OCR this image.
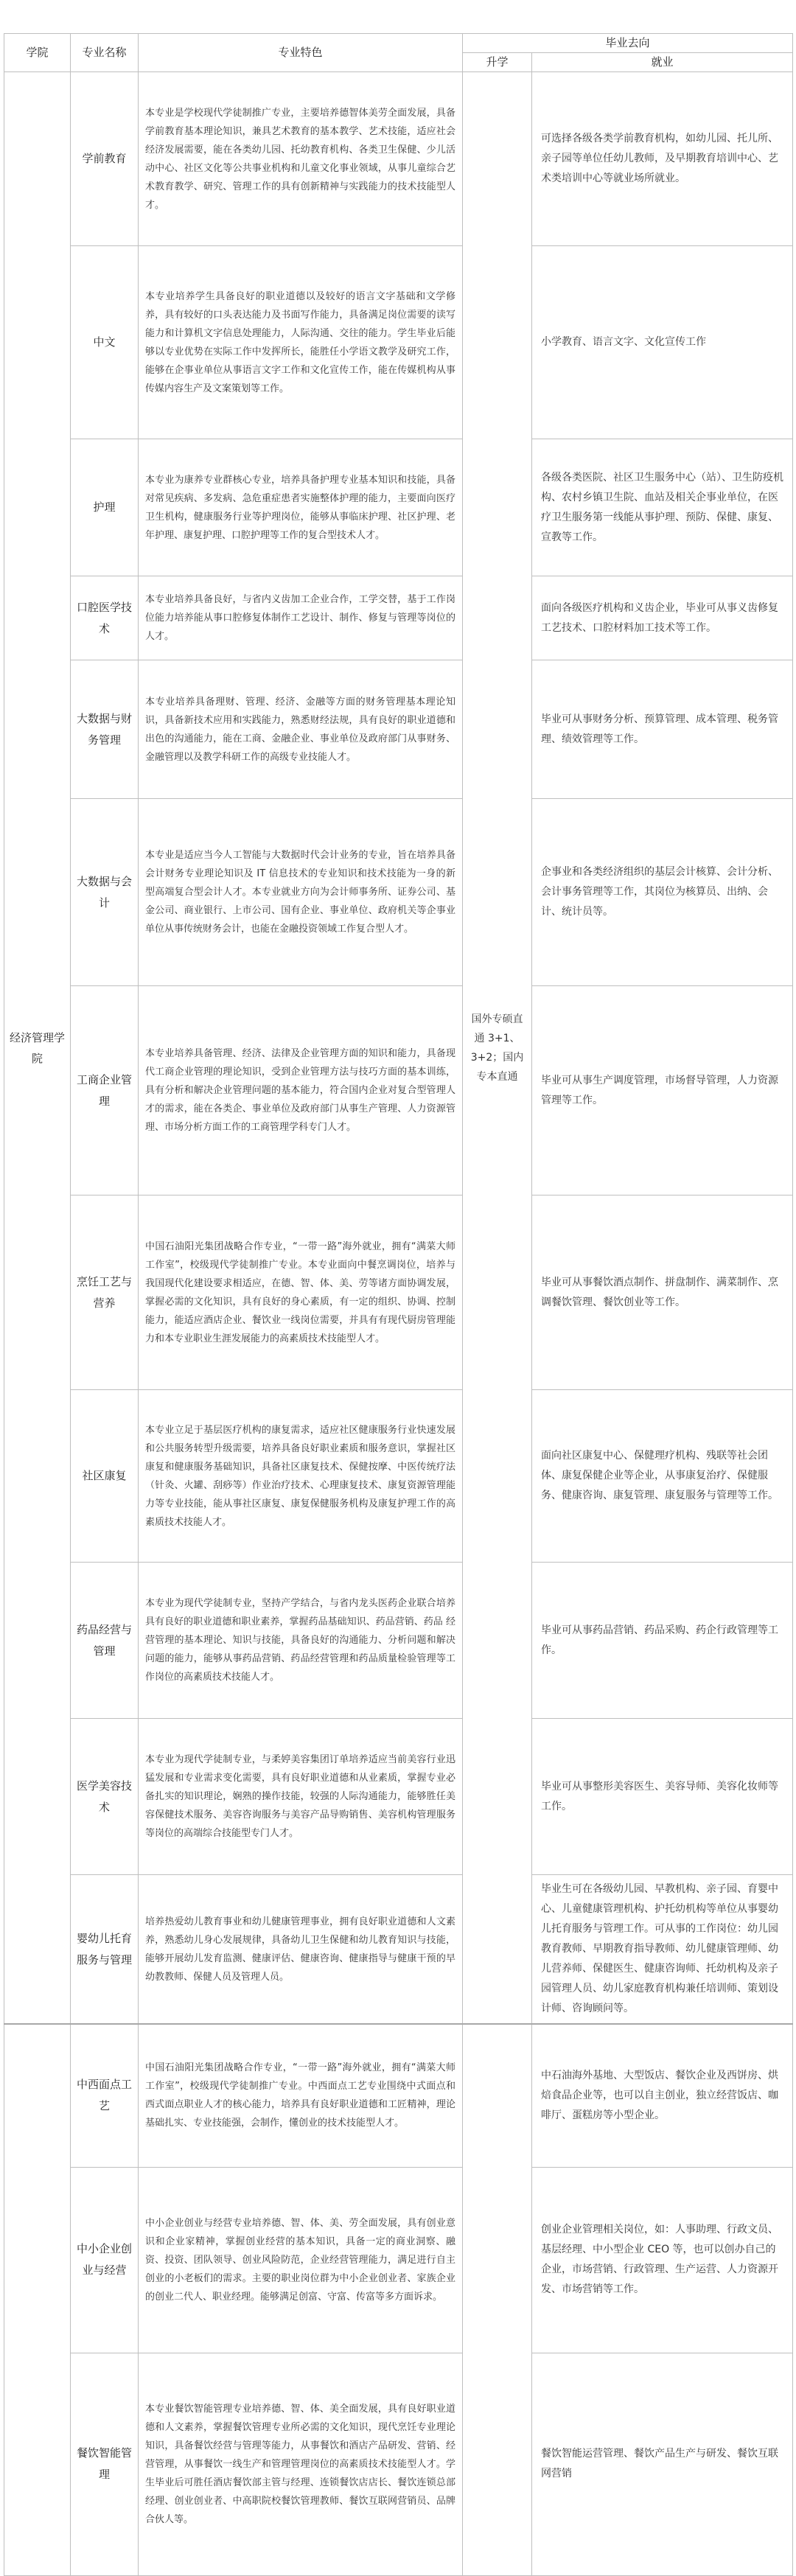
学院	专业名称	专业特色	毕业去向	
			升学	就业
经济管理学院	学前教育	本专业是学校现代学徒制推广专业，主要培养德智体美劳全面发展，具备学前教育基本理论知识，兼具艺术教育的基本教学、艺术技能，适应社会经济发展需要，能在各类幼儿园、托幼教育机构、各类卫生保健、少儿活动中心、社区文化等公共事业机构和儿童文化事业领域，从事儿童综合艺术教育教学、研究、管理工作的具有创新精神与实践能力的技术技能型人才。	国外专硕直通 3+1、3+2；国内专本直通	可选择各级各类学前教育机构，如幼儿园、托儿所、亲子园等单位任幼儿教师，及早期教育培训中心、艺术类培训中心等就业场所就业。
	中文	本专业培养学生具备良好的职业道德以及较好的语言文字基础和文学修养，具有较好的口头表达能力及书面写作能力，具备满足岗位需要的读写能力和计算机文字信息处理能力，人际沟通、交往的能力。学生毕业后能够以专业优势在实际工作中发挥所长，能胜任小学语文教学及研究工作，能够在企事业单位从事语言文字工作和文化宣传工作，能在传媒机构从事传媒内容生产及文案策划等工作。		小学教育、语言文字、文化宣传工作
	护理	本专业为康养专业群核心专业，培养具备护理专业基本知识和技能，具备对常见疾病、多发病、急危重症患者实施整体护理的能力，主要面向医疗卫生机构，健康服务行业等护理岗位，能够从事临床护理、社区护理、老年护理、康复护理、口腔护理等工作的复合型技术人才。		各级各类医院、社区卫生服务中心（站）、卫生防疫机构、农村乡镇卫生院、血站及相关企事业单位，在医疗卫生服务第一线能从事护理、预防、保健、康复、宣教等工作。
	口腔医学技术	本专业培养具备良好，与省内义齿加工企业合作，工学交替，基于工作岗位能力培养能从事口腔修复体制作工艺设计、制作、修复与管理等岗位的人才。		面向各级医疗机构和义齿企业，毕业可从事义齿修复工艺技术、口腔材料加工技术等工作。
	大数据与财务管理	本专业培养具备理财、管理、经济、金融等方面的财务管理基本理论知识，具备新技术应用和实践能力，熟悉财经法规，具有良好的职业道德和出色的沟通能力，能在工商、金融企业、事业单位及政府部门从事财务、金融管理以及教学科研工作的高级专业技能人才。		毕业可从事财务分析、预算管理、成本管理、税务管理、绩效管理等工作。
	大数据与会计	本专业是适应当今人工智能与大数据时代会计业务的专业，旨在培养具备会计财务专业理论知识及 IT 信息技术的专业知识和技术技能为一身的新型高端复合型会计人才。本专业就业方向为会计师事务所、证券公司、基金公司、商业银行、上市公司、国有企业、事业单位、政府机关等企事业单位从事传统财务会计，也能在金融投资领域工作复合型人才。		企事业和各类经济组织的基层会计核算、会计分析、会计事务管理等工作，其岗位为核算员、出纳、会计、统计员等。
	工商企业管理	本专业培养具备管理、经济、法律及企业管理方面的知识和能力，具备现代工商企业管理的理论知识，受到企业管理方法与技巧方面的基本训练，具有分析和解决企业管理问题的基本能力，符合国内企业对复合型管理人才的需求，能在各类企、事业单位及政府部门从事生产管理、人力资源管理、市场分析方面工作的工商管理学科专门人才。		毕业可从事生产调度管理，市场督导管理，人力资源管理等工作。
	烹饪工艺与营养	中国石油阳光集团战略合作专业，“一带一路”海外就业，拥有“满菜大师工作室”，校级现代学徒制推广专业。本专业面向中餐烹调岗位，培养与我国现代化建设要求相适应，在德、智、体、美、劳等诸方面协调发展，掌握必需的文化知识，具有良好的身心素质，有一定的组织、协调、控制能力，能适应酒店企业、餐饮业一线岗位需要，并具有有现代厨房管理能力和本专业职业生涯发展能力的高素质技术技能型人才。		毕业可从事餐饮酒点制作、拼盘制作、满菜制作、烹调餐饮管理、餐饮创业等工作。
	社区康复	本专业立足于基层医疗机构的康复需求，适应社区健康服务行业快速发展和公共服务转型升级需要，培养具备良好职业素质和服务意识，掌握社区康复和健康服务基础知识，具备社区康复技术、保健按摩、中医传统疗法（针灸、火罐、刮痧等）作业治疗技术、心理康复技术、康复资源管理能力等专业技能，能从事社区康复、康复保健服务机构及康复护理工作的高素质技术技能人才。		面向社区康复中心、保健理疗机构、残联等社会团体、康复保健企业等企业，从事康复治疗、保健服务、健康咨询、康复管理、康复服务与管理等工作。
	药品经营与管理	本专业为现代学徒制专业，坚持产学结合，与省内龙头医药企业联合培养具有良好的职业道德和职业素养，掌握药品基础知识、药品营销、药品 经营管理的基本理论、知识与技能，具备良好的沟通能力、分析问题和解决问题的能力，能够从事药品营销、药品经营管理和药品质量检验管理等工作岗位的高素质技术技能人才。		毕业可从事药品营销、药品采购、药企行政管理等工作。
	医学美容技术	本专业为现代学徒制专业，与柔婷美容集团订单培养适应当前美容行业迅猛发展和专业需求变化需要，具有良好职业道德和从业素质，掌握专业必备扎实的知识理论，娴熟的操作技能，较强的人际沟通能力，能够胜任美容保健技术服务、美容咨询服务与美容产品导购销售、美容机构管理服务等岗位的高端综合技能型专门人才。		毕业可从事整形美容医生、美容导师、美容化妆师等工作。
	婴幼儿托育服务与管理	培养热爱幼儿教育事业和幼儿健康管理事业，拥有良好职业道德和人文素养，熟悉幼儿身心发展规律，具备幼儿卫生保健和幼儿教育知识与技能，能够开展幼儿发育监测、健康评估、健康咨询、健康指导与健康干预的早幼教教师、保健人员及管理人员。		毕业生可在各级幼儿园、早教机构、亲子园、育婴中心、儿童健康管理机构、护托幼机构等单位从事婴幼儿托育服务与管理工作。可从事的工作岗位：幼儿园教育教师、早期教育指导教师、幼儿健康管理师、幼儿营养师、保健医生、健康咨询师、托幼机构及亲子园管理人员、幼儿家庭教育机构兼任培训师、策划设计师、咨询顾问等。
	中西面点工艺	中国石油阳光集团战略合作专业，“一带一路”海外就业，拥有“满菜大师工作室”，校级现代学徒制推广专业。中西面点工艺专业围绕中式面点和西式面点职业人才的核心能力，培养具有良好职业道德和工匠精神，理论基础扎实、专业技能强，会制作，懂创业的技术技能型人才。		中石油海外基地、大型饭店、餐饮企业及西饼房、烘焙食品企业等，也可以自主创业，独立经营饭店、咖啡厅、蛋糕房等小型企业。
	中小企业创业与经营	中小企业创业与经营专业培养德、智、体、美、劳全面发展，具有创业意识和企业家精神，掌握创业经营的基本知识，具备一定的商业洞察、融资、投资、团队领导、创业风险防范，企业经营管理能力，满足进行自主创业的小老板们的需求。主要的职业岗位群为中小企业创业者、家族企业的创业二代人、职业经理。能够满足创富、守富、传富等多方面诉求。		创业企业管理相关岗位，如：人事助理、行政文员、基层经理、中小型企业 CEO 等，也可以创办自己的企业，市场营销、行政管理、生产运营、人力资源开发、市场营销等工作。
	餐饮智能管理	本专业餐饮智能管理专业培养德、智、体、美全面发展，具有良好职业道德和人文素养，掌握餐饮管理专业所必需的文化知识，现代烹饪专业理论知识，具备餐饮经营与管理等能力，从事餐饮和酒店产品研发、营销、经营管理，从事餐饮一线生产和管理管理岗位的高素质技术技能型人才。学生毕业后可胜任酒店餐饮部主管与经理、连锁餐饮店店长、餐饮连锁总部经理、创业创业者、中高职院校餐饮管理教师、餐饮互联网营销员、品牌合伙人等。		餐饮智能运营管理、餐饮产品生产与研发、餐饮互联网营销
